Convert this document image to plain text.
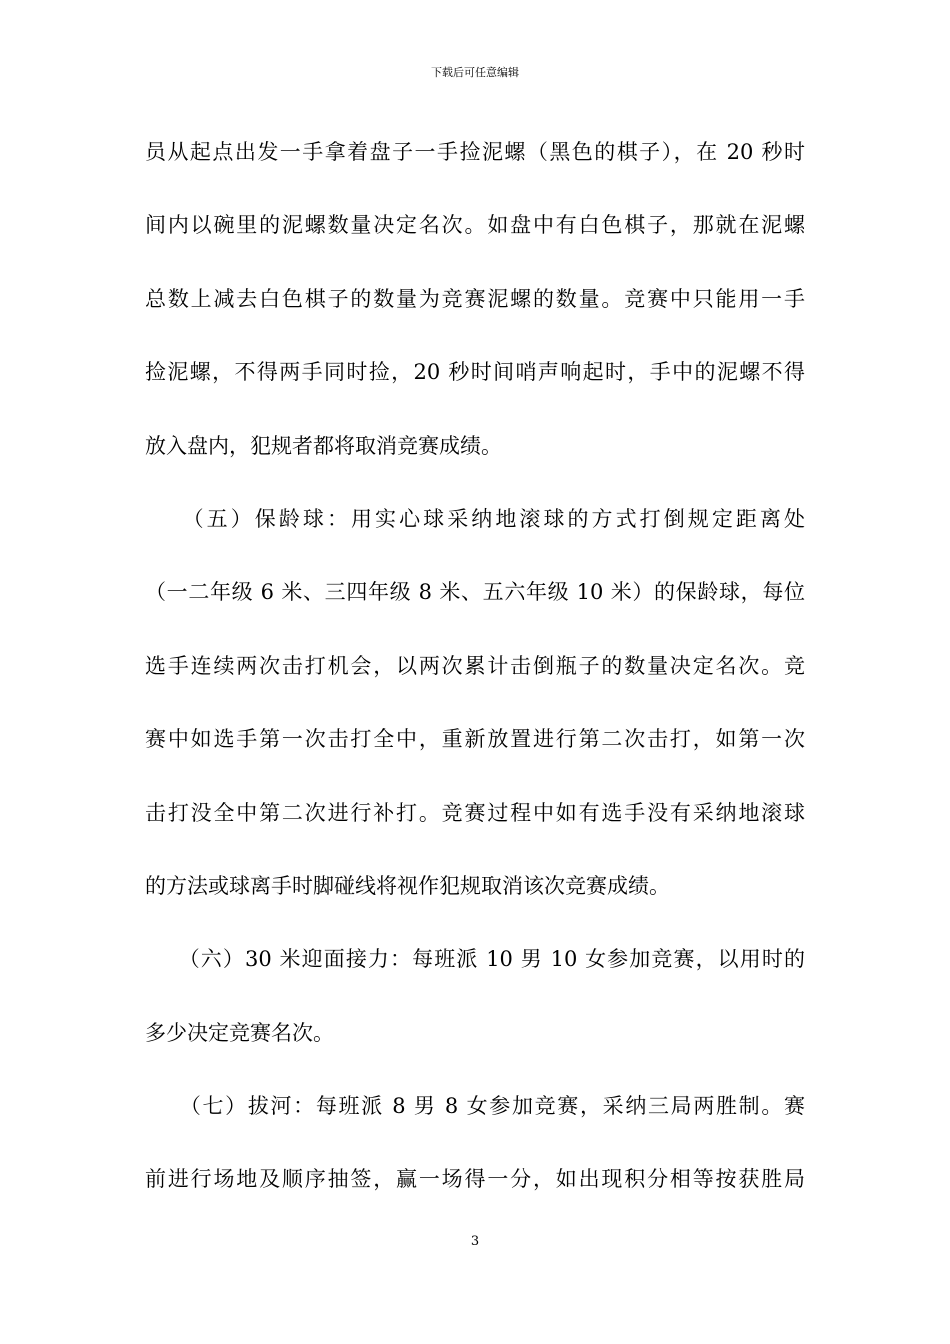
下载后可任意编辑
员从起点出发一手拿着盘子一手捡泥螺（黑色的棋子），在 20 秒时
间内以碗里的泥螺数量决定名次。如盘中有白色棋子，那就在泥螺
总数上减去白色棋子的数量为竞赛泥螺的数量。竞赛中只能用一手
捡泥螺，不得两手同时捡，20 秒时间哨声响起时，手中的泥螺不得
放入盘内，犯规者都将取消竞赛成绩。
　　（五）保龄球：用实心球采纳地滚球的方式打倒规定距离处
（一二年级 6 米、三四年级 8 米、五六年级 10 米）的保龄球，每位
选手连续两次击打机会，以两次累计击倒瓶子的数量决定名次。竞
赛中如选手第一次击打全中，重新放置进行第二次击打，如第一次
击打没全中第二次进行补打。竞赛过程中如有选手没有采纳地滚球
的方法或球离手时脚碰线将视作犯规取消该次竞赛成绩。
　　（六）30 米迎面接力：每班派 10 男 10 女参加竞赛，以用时的
多少决定竞赛名次。
　　（七）拔河：每班派 8 男 8 女参加竞赛，采纳三局两胜制。赛
前进行场地及顺序抽签，赢一场得一分，如出现积分相等按获胜局
3
